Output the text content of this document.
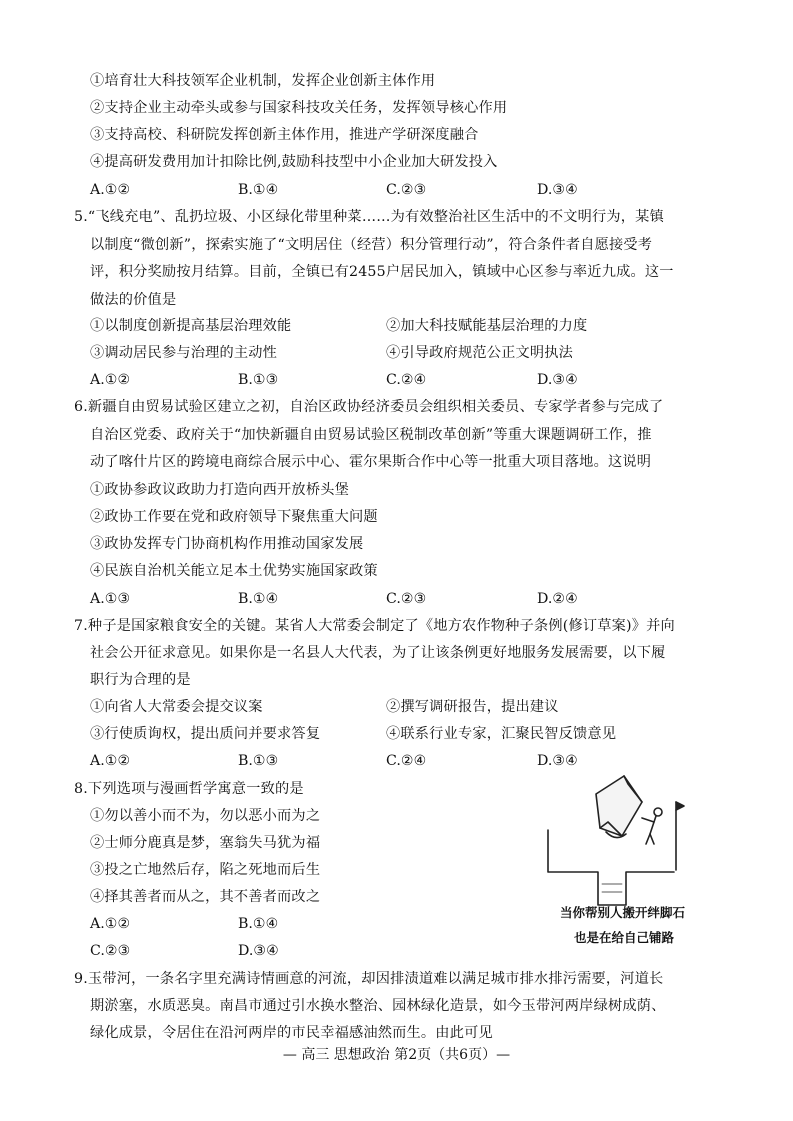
①培育壮大科技领军企业机制，发挥企业创新主体作用
②支持企业主动牵头或参与国家科技攻关任务，发挥领导核心作用
③支持高校、科研院发挥创新主体作用，推进产学研深度融合
④提高研发费用加计扣除比例,鼓励科技型中小企业加大研发投入
A.①②	B.①④	C.②③	D.③④
5.“飞线充电”、乱扔垃圾、小区绿化带里种菜……为有效整治社区生活中的不文明行为，某镇
以制度“微创新”，探索实施了“文明居住（经营）积分管理行动”，符合条件者自愿接受考
评，积分奖励按月结算。目前，全镇已有2455户居民加入，镇域中心区参与率近九成。这一
做法的价值是
①以制度创新提高基层治理效能	②加大科技赋能基层治理的力度
③调动居民参与治理的主动性	④引导政府规范公正文明执法
A.①②	B.①③	C.②④	D.③④
6.新疆自由贸易试验区建立之初，自治区政协经济委员会组织相关委员、专家学者参与完成了
自治区党委、政府关于“加快新疆自由贸易试验区税制改革创新”等重大课题调研工作，推
动了喀什片区的跨境电商综合展示中心、霍尔果斯合作中心等一批重大项目落地。这说明
①政协参政议政助力打造向西开放桥头堡
②政协工作要在党和政府领导下聚焦重大问题
③政协发挥专门协商机构作用推动国家发展
④民族自治机关能立足本土优势实施国家政策
A.①③	B.①④	C.②③	D.②④
7.种子是国家粮食安全的关键。某省人大常委会制定了《地方农作物种子条例(修订草案)》并向
社会公开征求意见。如果你是一名县人大代表，为了让该条例更好地服务发展需要，以下履
职行为合理的是
①向省人大常委会提交议案	②撰写调研报告，提出建议
③行使质询权，提出质问并要求答复	④联系行业专家，汇聚民智反馈意见
A.①②	B.①③	C.②④	D.③④
8.下列选项与漫画哲学寓意一致的是
①勿以善小而不为，勿以恶小而为之
②士师分鹿真是梦，塞翁失马犹为福
③投之亡地然后存，陷之死地而后生
④择其善者而从之，其不善者而改之
A.①②	B.①④
C.②③	D.③④
当你帮别人搬开绊脚石
也是在给自己铺路
9.玉带河，一条名字里充满诗情画意的河流，却因排渍道难以满足城市排水排污需要，河道长
期淤塞，水质恶臭。南昌市通过引水换水整治、园林绿化造景，如今玉带河两岸绿树成荫、
绿化成景，令居住在沿河两岸的市民幸福感油然而生。由此可见
— 高三 思想政治 第2页（共6页）—
